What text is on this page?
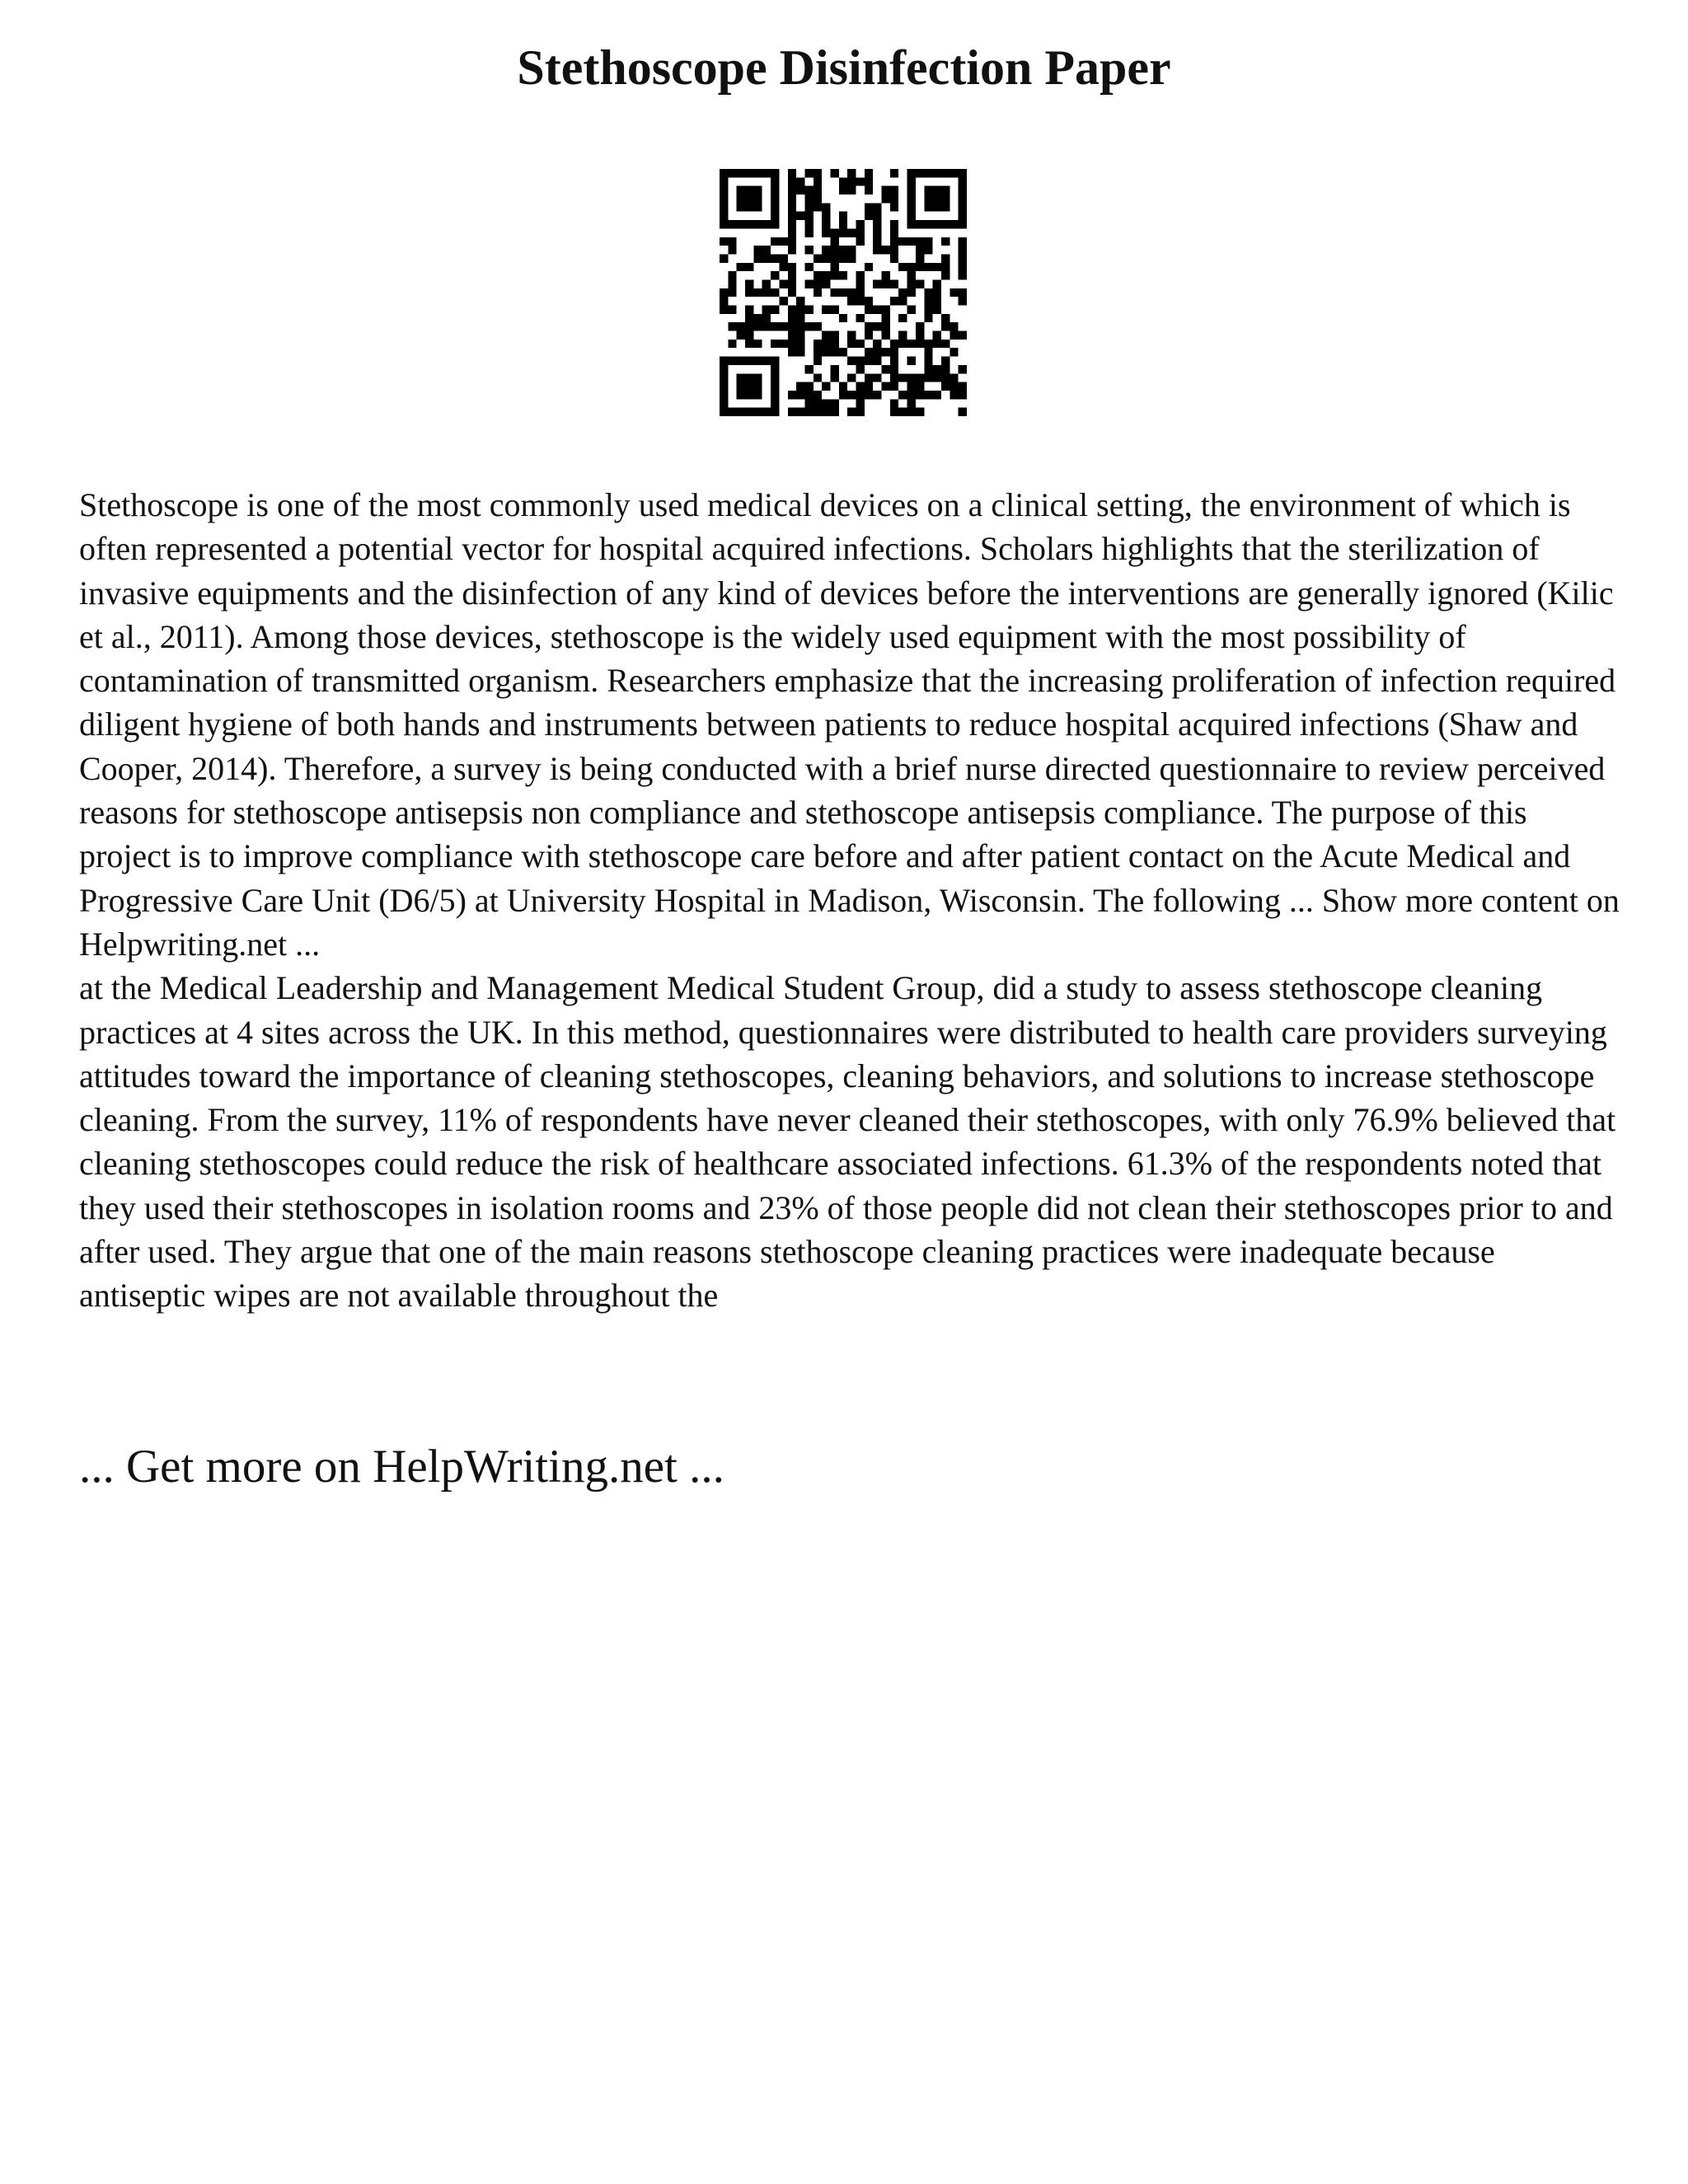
Stethoscope Disinfection Paper

Stethoscope is one of the most commonly used medical devices on a clinical setting, the environment of which is often represented a potential vector for hospital acquired infections. Scholars highlights that the sterilization of invasive equipments and the disinfection of any kind of devices before the interventions are generally ignored (Kilic et al., 2011). Among those devices, stethoscope is the widely used equipment with the most possibility of contamination of transmitted organism. Researchers emphasize that the increasing proliferation of infection required diligent hygiene of both hands and instruments between patients to reduce hospital acquired infections (Shaw and Cooper, 2014). Therefore, a survey is being conducted with a brief nurse directed questionnaire to review perceived reasons for stethoscope antisepsis non compliance and stethoscope antisepsis compliance. The purpose of this project is to improve compliance with stethoscope care before and after patient contact on the Acute Medical and Progressive Care Unit (D6/5) at University Hospital in Madison, Wisconsin. The following ... Show more content on Helpwriting.net ...

at the Medical Leadership and Management Medical Student Group, did a study to assess stethoscope cleaning practices at 4 sites across the UK. In this method, questionnaires were distributed to health care providers surveying attitudes toward the importance of cleaning stethoscopes, cleaning behaviors, and solutions to increase stethoscope cleaning. From the survey, 11% of respondents have never cleaned their stethoscopes, with only 76.9% believed that cleaning stethoscopes could reduce the risk of healthcare associated infections. 61.3% of the respondents noted that they used their stethoscopes in isolation rooms and 23% of those people did not clean their stethoscopes prior to and after used. They argue that one of the main reasons stethoscope cleaning practices were inadequate because antiseptic wipes are not available throughout the

... Get more on HelpWriting.net ...
